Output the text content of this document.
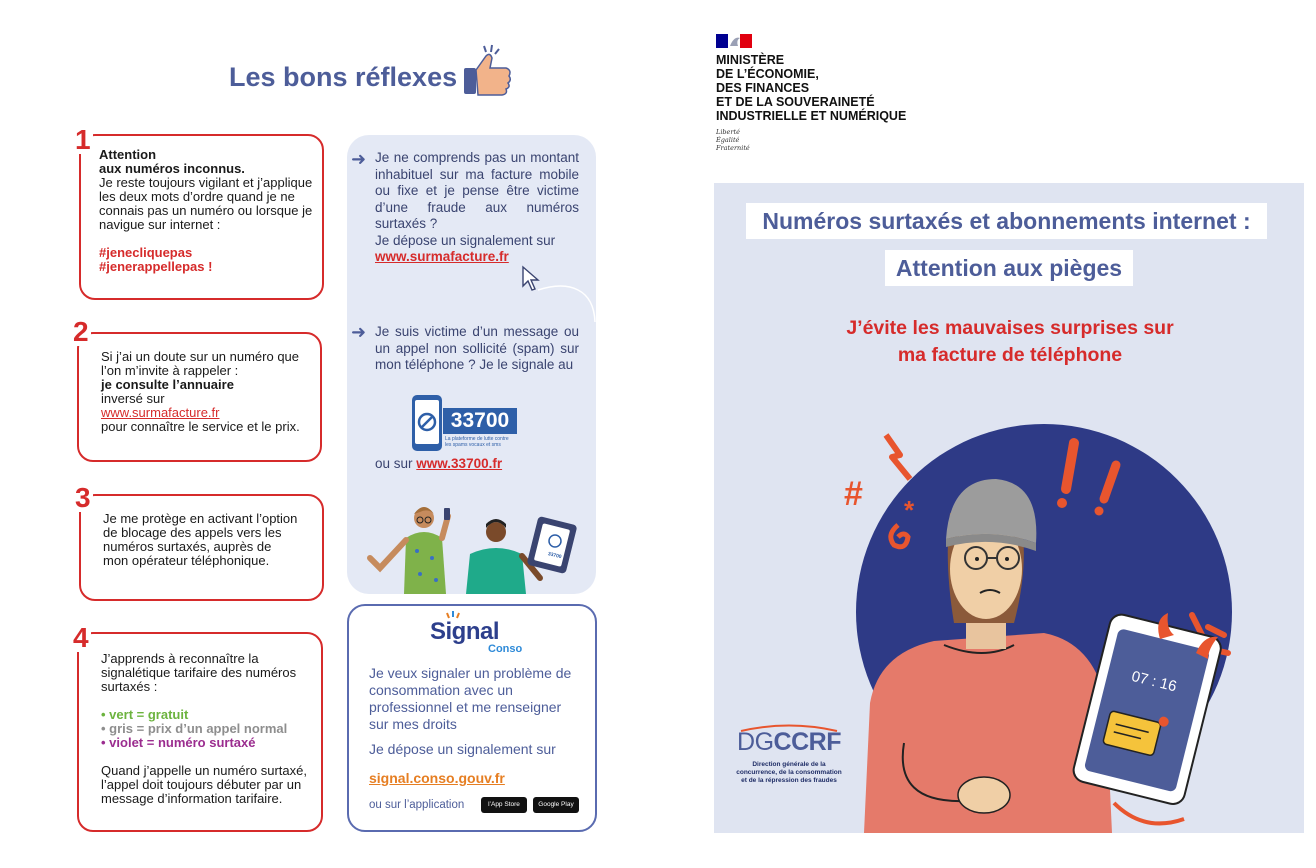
Les bons réflexes
Attention
aux numéros inconnus.
Je reste toujours vigilant et j’applique les deux mots d’ordre quand je ne connais pas un numéro ou lorsque je navigue sur internet :
#jenecliquepas
#jenerappellepas !
1
Si j’ai un doute sur un numéro que l’on m’invite à rappeler :
je consulte l’annuaire
inversé sur
www.surmafacture.fr
pour connaître le service et le prix.
2
Je me protège en activant l’option de blocage des appels vers les numéros surtaxés, auprès de mon opérateur téléphonique.
3
J’apprends à reconnaître la signalétique tarifaire des numéros surtaxés :
• vert = gratuit
• gris = prix d’un appel normal
• violet = numéro surtaxé
Quand j’appelle un numéro surtaxé, l’appel doit toujours débuter par un message d’information tarifaire.
4
➜ Je ne comprends pas un montant inhabituel sur ma facture mobile ou fixe et je pense être victime d’une fraude aux numéros surtaxés ?
Je dépose un signalement sur
www.surmafacture.fr
➜ Je suis victime d’un message ou un appel non sollicité (spam) sur mon téléphone ? Je le signale au
33700
La plateforme de lutte contre
les spams vocaux et sms
ou sur www.33700.fr
33700
Signal
Conso
Je veux signaler un problème de consommation avec un professionnel et me renseigner sur mes droits
Je dépose un signalement sur
signal.conso.gouv.fr
ou sur l’application	l’App Store	Google Play
MINISTÈRE
DE L’ÉCONOMIE,
DES FINANCES
ET DE LA SOUVERAINETÉ
INDUSTRIELLE ET NUMÉRIQUE
Liberté
Égalité
Fraternité
# *
07 : 16
Numéros surtaxés et abonnements internet :
Attention aux pièges
J’évite les mauvaises surprises sur
ma facture de téléphone
DGCCRF
Direction générale de la concurrence, de la consommation et de la répression des fraudes
